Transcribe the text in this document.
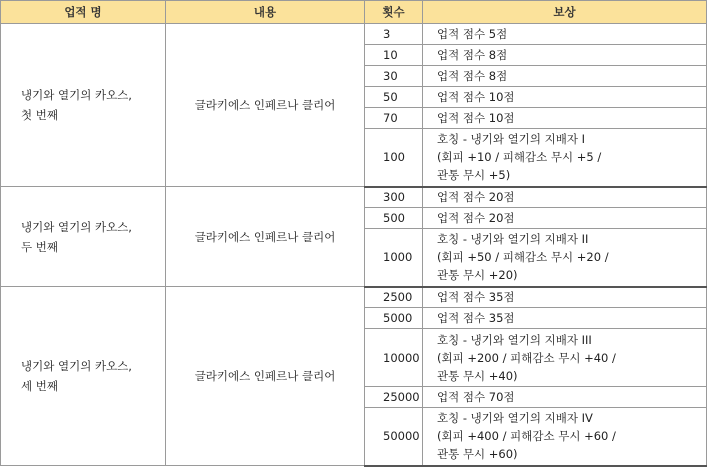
업적 명	내용	횟수	보상

냉기와 열기의 카오스,
첫 번째	글라키에스 인페르나 클리어	3	업적 점수 5점

		10	업적 점수 8점

		30	업적 점수 8점

		50	업적 점수 10점

		70	업적 점수 10점

		100	호칭 - 냉기와 열기의 지배자 I
(회피 +10 / 피해감소 무시 +5 /
관통 무시 +5)

냉기와 열기의 카오스,
두 번째	글라키에스 인페르나 클리어	300	업적 점수 20점

		500	업적 점수 20점

		1000	호칭 - 냉기와 열기의 지배자 II
(회피 +50 / 피해감소 무시 +20 /
관통 무시 +20)

냉기와 열기의 카오스,
세 번째	글라키에스 인페르나 클리어	2500	업적 점수 35점

		5000	업적 점수 35점

		10000	호칭 - 냉기와 열기의 지배자 III
(회피 +200 / 피해감소 무시 +40 /
관통 무시 +40)

		25000	업적 점수 70점

		50000	호칭 - 냉기와 열기의 지배자 IV
(회피 +400 / 피해감소 무시 +60 /
관통 무시 +60)
